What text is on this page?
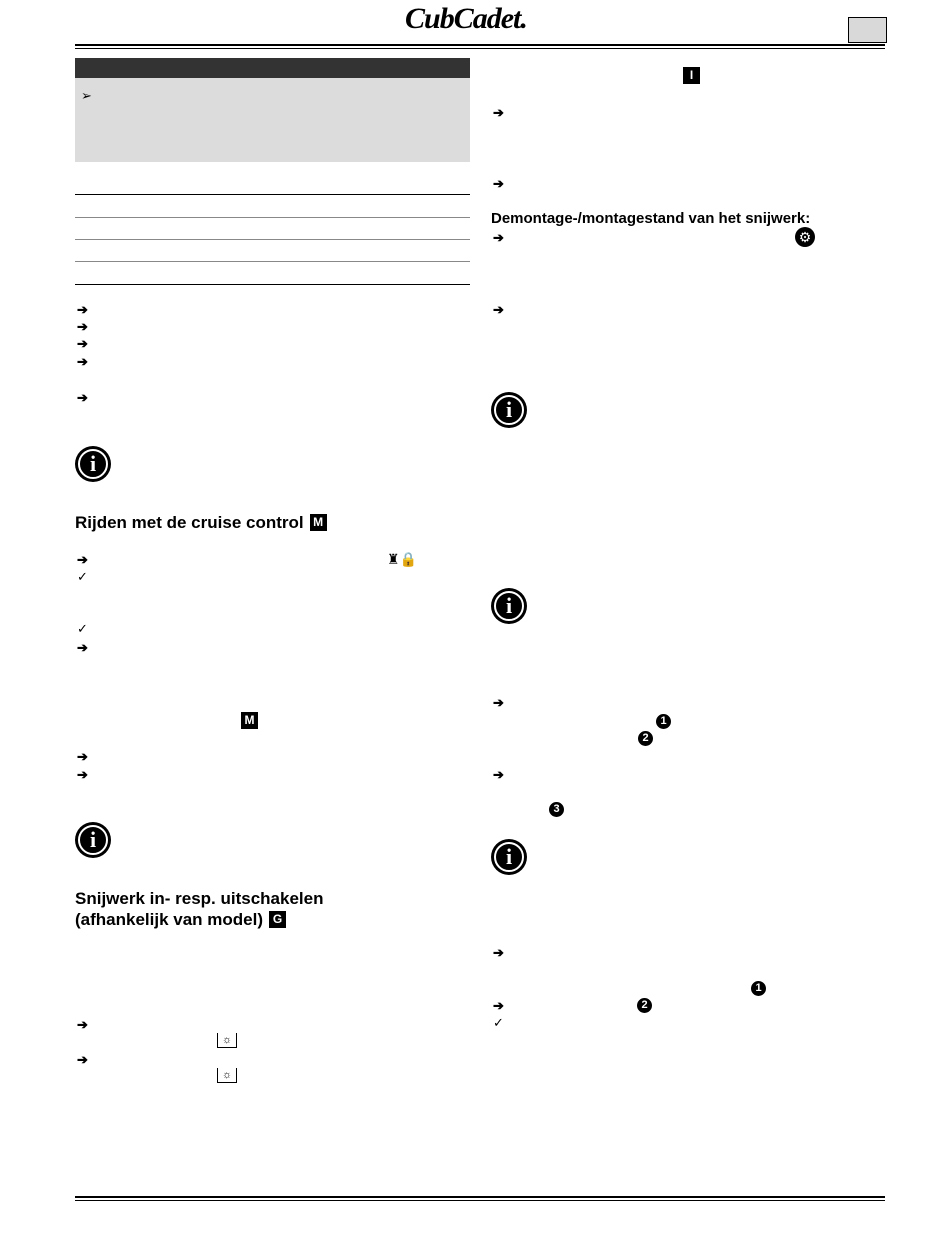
CubCadet.
➢
➔
➔
➔
➔
➔
i
Rijden met de cruise control M
➔	♜🔒
✓
✓
➔
M
➔
➔
i
Snijwerk in- resp. uitschakelen
(afhankelijk van model) G
➔
☼
➔
☼
I
➔
➔
Demontage-/montagestand van het snijwerk:
➔	⚙
➔
i
i
➔
1
2
➔
3
i
➔
1
➔	2
✓
